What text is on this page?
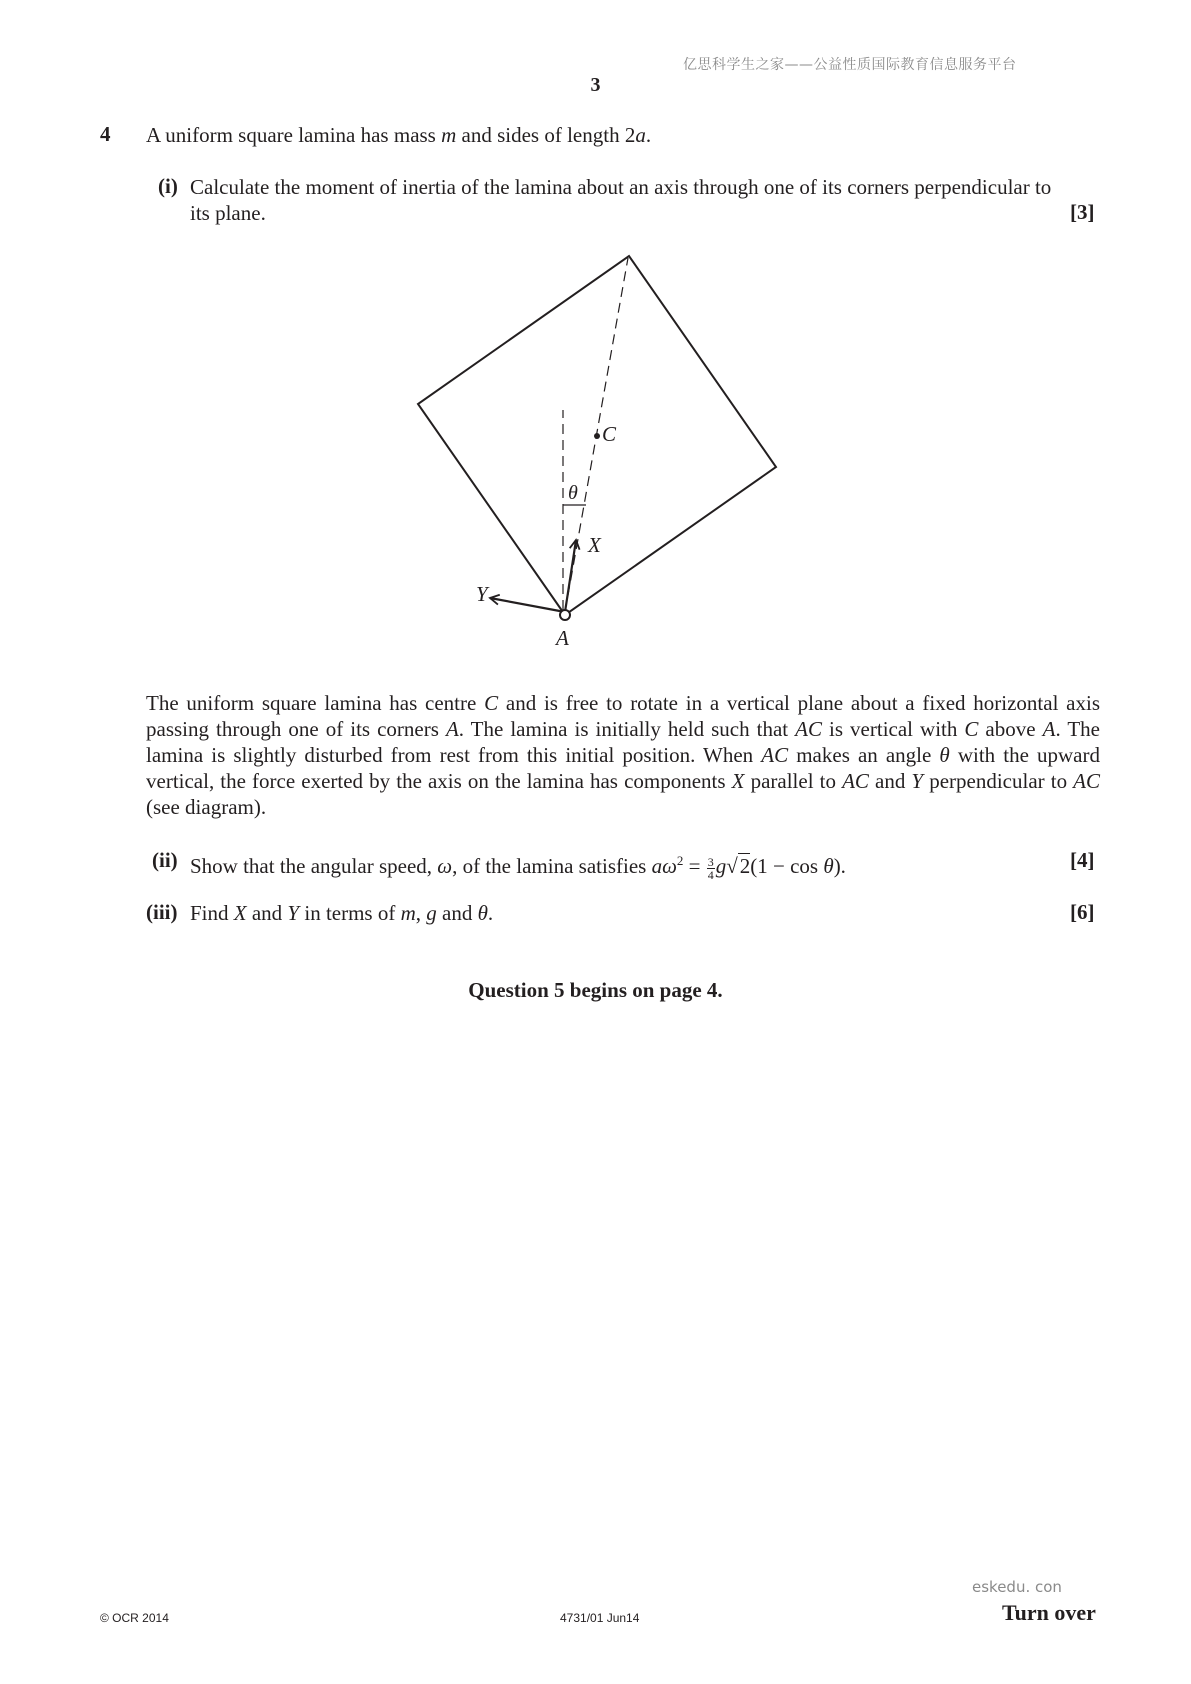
亿思科学生之家——公益性质国际教育信息服务平台
3
4 A uniform square lamina has mass m and sides of length 2a.
(i) Calculate the moment of inertia of the lamina about an axis through one of its corners perpendicular to
its plane.	[3]
C
θ
X
Y
A
The uniform square lamina has centre C and is free to rotate in a vertical plane about a fixed horizontal axis passing through one of its corners A. The lamina is initially held such that AC is vertical with C above A. The lamina is slightly disturbed from rest from this initial position. When AC makes an angle θ with the upward vertical, the force exerted by the axis on the lamina has components X parallel to AC and Y perpendicular to AC (see diagram).
(ii) Show that the angular speed, ω, of the lamina satisfies $a\omega^2 = \frac{3}{4} g√2(1 - \cos \theta)$.	[4]
(iii) Find X and Y in terms of m, g and θ.	[6]
Question 5 begins on page 4.
eskedu. con
© OCR 2014	4731/01 Jun14	Turn over
